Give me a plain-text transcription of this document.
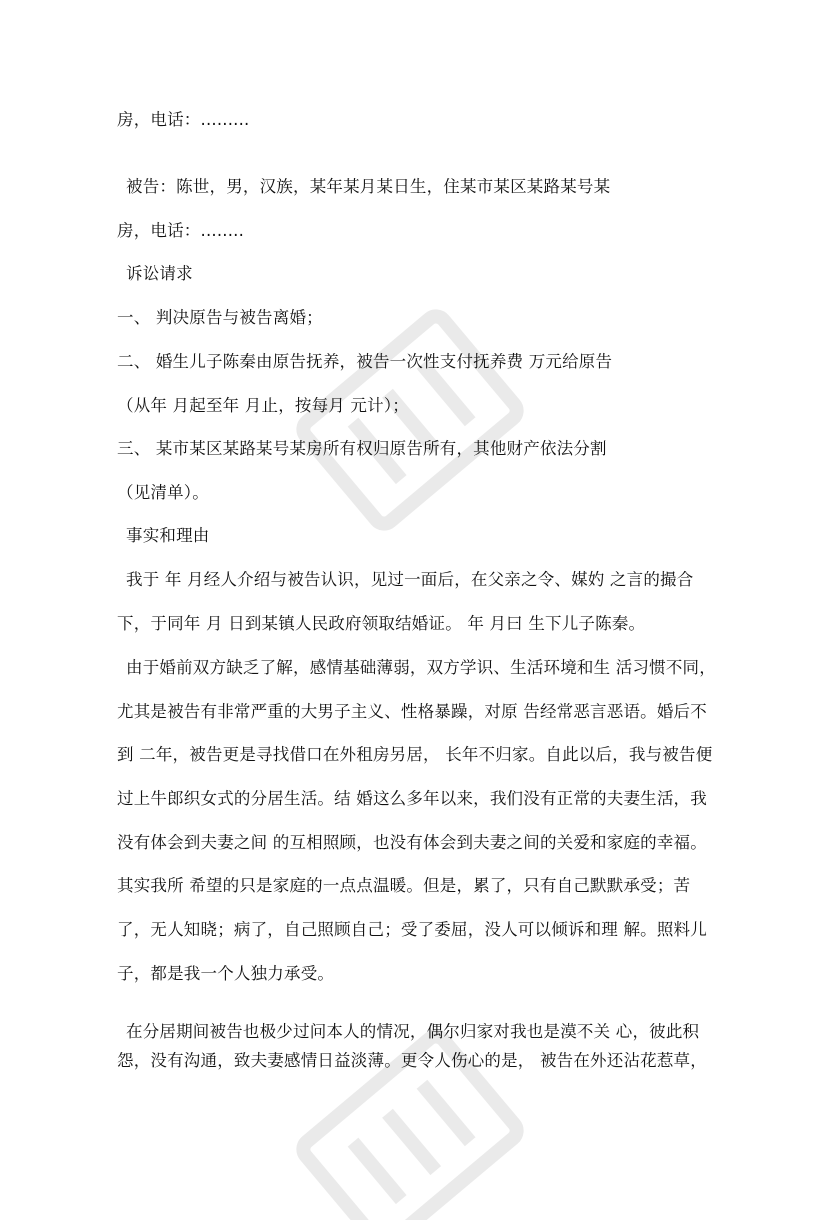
房，电话：.........
被告：陈世，男，汉族，某年某月某日生，住某市某区某路某号某
房，电话：........
诉讼请求
一、 判决原告与被告离婚；
二、 婚生儿子陈秦由原告抚养，被告一次性支付抚养费 万元给原告
（从年 月起至年 月止，按每月 元计）；
三、 某市某区某路某号某房所有权归原告所有，其他财产依法分割
（见清单）。
事实和理由
我于 年 月经人介绍与被告认识，见过一面后，在父亲之令、媒妁 之言的撮合
下，于同年 月 日到某镇人民政府领取结婚证。 年 月曰 生下儿子陈秦。
由于婚前双方缺乏了解，感情基础薄弱，双方学识、生活环境和生 活习惯不同，
尤其是被告有非常严重的大男子主义、性格暴躁，对原 告经常恶言恶语。婚后不
到 二年，被告更是寻找借口在外租房另居， 长年不归家。自此以后，我与被告便
过上牛郎织女式的分居生活。结 婚这么多年以来，我们没有正常的夫妻生活，我
没有体会到夫妻之间 的互相照顾，也没有体会到夫妻之间的关爱和家庭的幸福。
其实我所 希望的只是家庭的一点点温暖。但是，累了，只有自己默默承受；苦
了，无人知晓；病了，自己照顾自己；受了委屈，没人可以倾诉和理 解。照料儿
子，都是我一个人独力承受。
在分居期间被告也极少过问本人的情况，偶尔归家对我也是漠不关 心，彼此积
怨，没有沟通，致夫妻感情日益淡薄。更令人伤心的是， 被告在外还沾花惹草，
